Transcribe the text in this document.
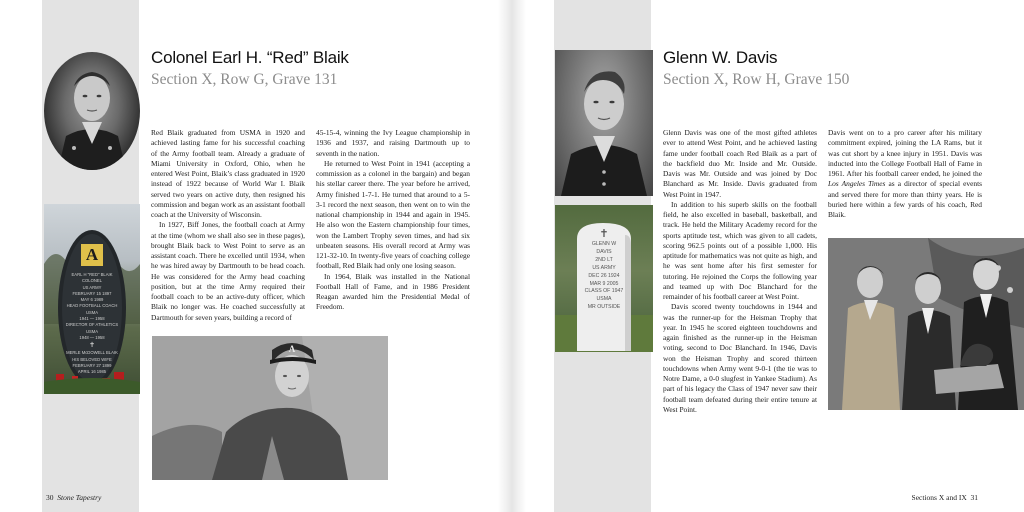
A
EARL H "RED" BLAIK
COLONEL
US ARMY
FEBRUARY 15 1897
MAY 6 1989
HEAD FOOTBALL COACH USMA
1941 — 1958
DIRECTOR OF ATHLETICS USMA
1948 — 1958
✝
MERLE McDOWELL BLAIK
HIS BELOVED WIFE
FEBRUARY 27 1899
APRIL 16 1985
Colonel Earl H. “Red” Blaik
Section X, Row G, Grave 131

Red Blaik graduated from USMA in 1920 and achieved lasting fame for his successful coaching of the Army football team. Already a graduate of Miami University in Oxford, Ohio, when he entered West Point, Blaik’s class graduated in 1920 instead of 1922 because of World War I. Blaik served two years on active duty, then resigned his commission and began work as an assistant football coach at the University of Wisconsin.

In 1927, Biff Jones, the football coach at Army at the time (whom we shall also see in these pages), brought Blaik back to West Point to serve as an assistant coach. There he excelled until 1934, when he was hired away by Dartmouth to be head coach. He was considered for the Army head coaching position, but at the time Army required their football coach to be an active-duty officer, which Blaik no longer was. He coached successfully at Dartmouth for seven years, building a record of

45-15-4, winning the Ivy League championship in 1936 and 1937, and raising Dartmouth up to seventh in the nation.

He returned to West Point in 1941 (accepting a commission as a colonel in the bargain) and began his stellar career there. The year before he arrived, Army finished 1-7-1. He turned that around to a 5-3-1 record the next season, then went on to win the national championship in 1944 and again in 1945. He also won the Eastern championship four times, won the Lambert Trophy seven times, and had six unbeaten seasons. His overall record at Army was 121-32-10. In twenty-five years of coaching college football, Red Blaik had only one losing season.

In 1964, Blaik was installed in the National Football Hall of Fame, and in 1986 President Reagan awarded him the Presidential Medal of Freedom.

A
30 Stone Tapestry
✝
GLENN W
DAVIS
2ND LT
US ARMY
DEC 26 1924
MAR 9 2005
CLASS OF 1947
USMA
MR OUTSIDE
Glenn W. Davis
Section X, Row H, Grave 150

Glenn Davis was one of the most gifted athletes ever to attend West Point, and he achieved lasting fame under football coach Red Blaik as a part of the backfield duo Mr. Inside and Mr. Outside. Davis was Mr. Outside and was joined by Doc Blanchard as Mr. Inside. Davis graduated from West Point in 1947.

In addition to his superb skills on the football field, he also excelled in baseball, basketball, and track. He held the Military Academy record for the sports aptitude test, which was given to all cadets, scoring 962.5 points out of a possible 1,000. His aptitude for mathematics was not quite as high, and he was sent home after his first semester for tutoring. He rejoined the Corps the following year and teamed up with Doc Blanchard for the remainder of his football career at West Point.

Davis scored twenty touchdowns in 1944 and was the runner-up for the Heisman Trophy that year. In 1945 he scored eighteen touchdowns and again finished as the runner-up in the Heisman voting, second to Doc Blanchard. In 1946, Davis won the Heisman Trophy and scored thirteen touchdowns when Army went 9-0-1 (the tie was to Notre Dame, a 0-0 slugfest in Yankee Stadium). As part of his legacy the Class of 1947 never saw their football team defeated during their entire tenure at West Point.

Davis went on to a pro career after his military commitment expired, joining the LA Rams, but it was cut short by a knee injury in 1951. Davis was inducted into the College Football Hall of Fame in 1961. After his football career ended, he joined the Los Angeles Times as a director of special events and served there for more than thirty years. He is buried here within a few yards of his coach, Red Blaik.

Sections X and IX 31
